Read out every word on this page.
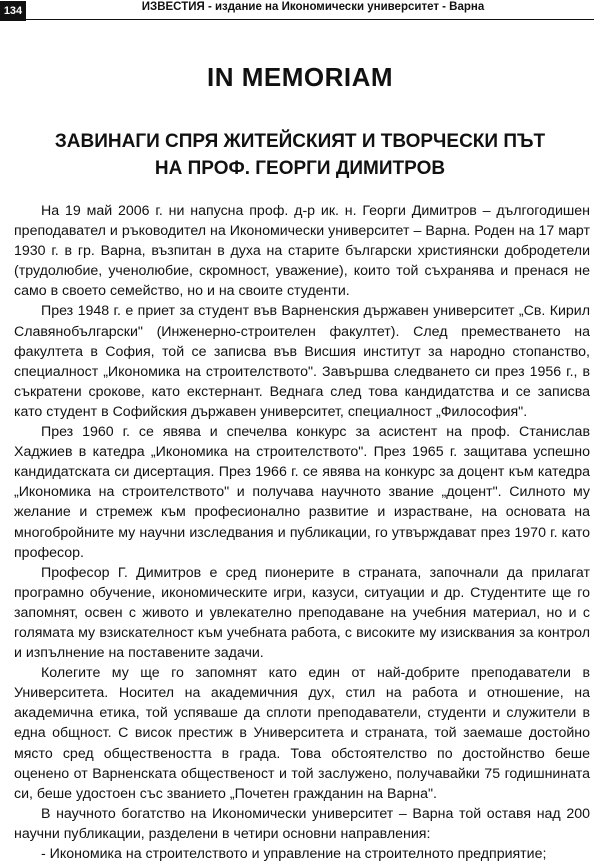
134	ИЗВЕСТИЯ - издание на Икономически университет - Варна
IN MEMORIAM
ЗАВИНАГИ СПРЯ ЖИТЕЙСКИЯТ И ТВОРЧЕСКИ ПЪТ
НА ПРОФ. ГЕОРГИ ДИМИТРОВ

На 19 май 2006 г. ни напусна проф. д-р ик. н. Георги Димитров – дългогодишен преподавател и ръководител на Икономически университет – Варна. Роден на 17 март 1930 г. в гр. Варна, възпитан в духа на старите български християнски добродетели (трудолюбие, ученолюбие, скромност, уважение), които той съхранява и пренася не само в своето семейство, но и на своите студенти.

През 1948 г. е приет за студент във Варненския държавен университет „Св. Кирил Славянобългарски" (Инженерно-строителен факултет). След преместването на факултета в София, той се записва във Висшия институт за народно стопанство, специалност „Икономика на строителството". Завършва следването си през 1956 г., в съкратени срокове, като екстернант. Веднага след това кандидатства и се записва като студент в Софийския държавен университет, специалност „Философия".

През 1960 г. се явява и спечелва конкурс за асистент на проф. Станислав Хаджиев в катедра „Икономика на строителството". През 1965 г. защитава успешно кандидатската си дисертация. През 1966 г. се явява на конкурс за доцент към катедра „Икономика на строителството" и получава научното звание „доцент". Силното му желание и стремеж към професионално развитие и израстване, на основата на многобройните му научни изследвания и публикации, го утвърждават през 1970 г. като професор.

Професор Г. Димитров е сред пионерите в страната, започнали да прилагат програмно обучение, икономическите игри, казуси, ситуации и др. Студентите ще го запомнят, освен с живото и увлекателно преподаване на учебния материал, но и с голямата му взискателност към учебната работа, с високите му изисквания за контрол и изпълнение на поставените задачи.

Колегите му ще го запомнят като един от най-добрите преподаватели в Университета. Носител на академичния дух, стил на работа и отношение, на академична етика, той успяваше да сплоти преподаватели, студенти и служители в една общност. С висок престиж в Университета и страната, той заемаше достойно място сред обществеността в града. Това обстоятелство по достойнство беше оценено от Варненската общественост и той заслужено, получавайки 75 годишнината си, беше удостоен със званието „Почетен гражданин на Варна".

В научното богатство на Икономически университет – Варна той оставя над 200 научни публикации, разделени в четири основни направления:

- Икономика на строителството и управление на строителното предприятие;
